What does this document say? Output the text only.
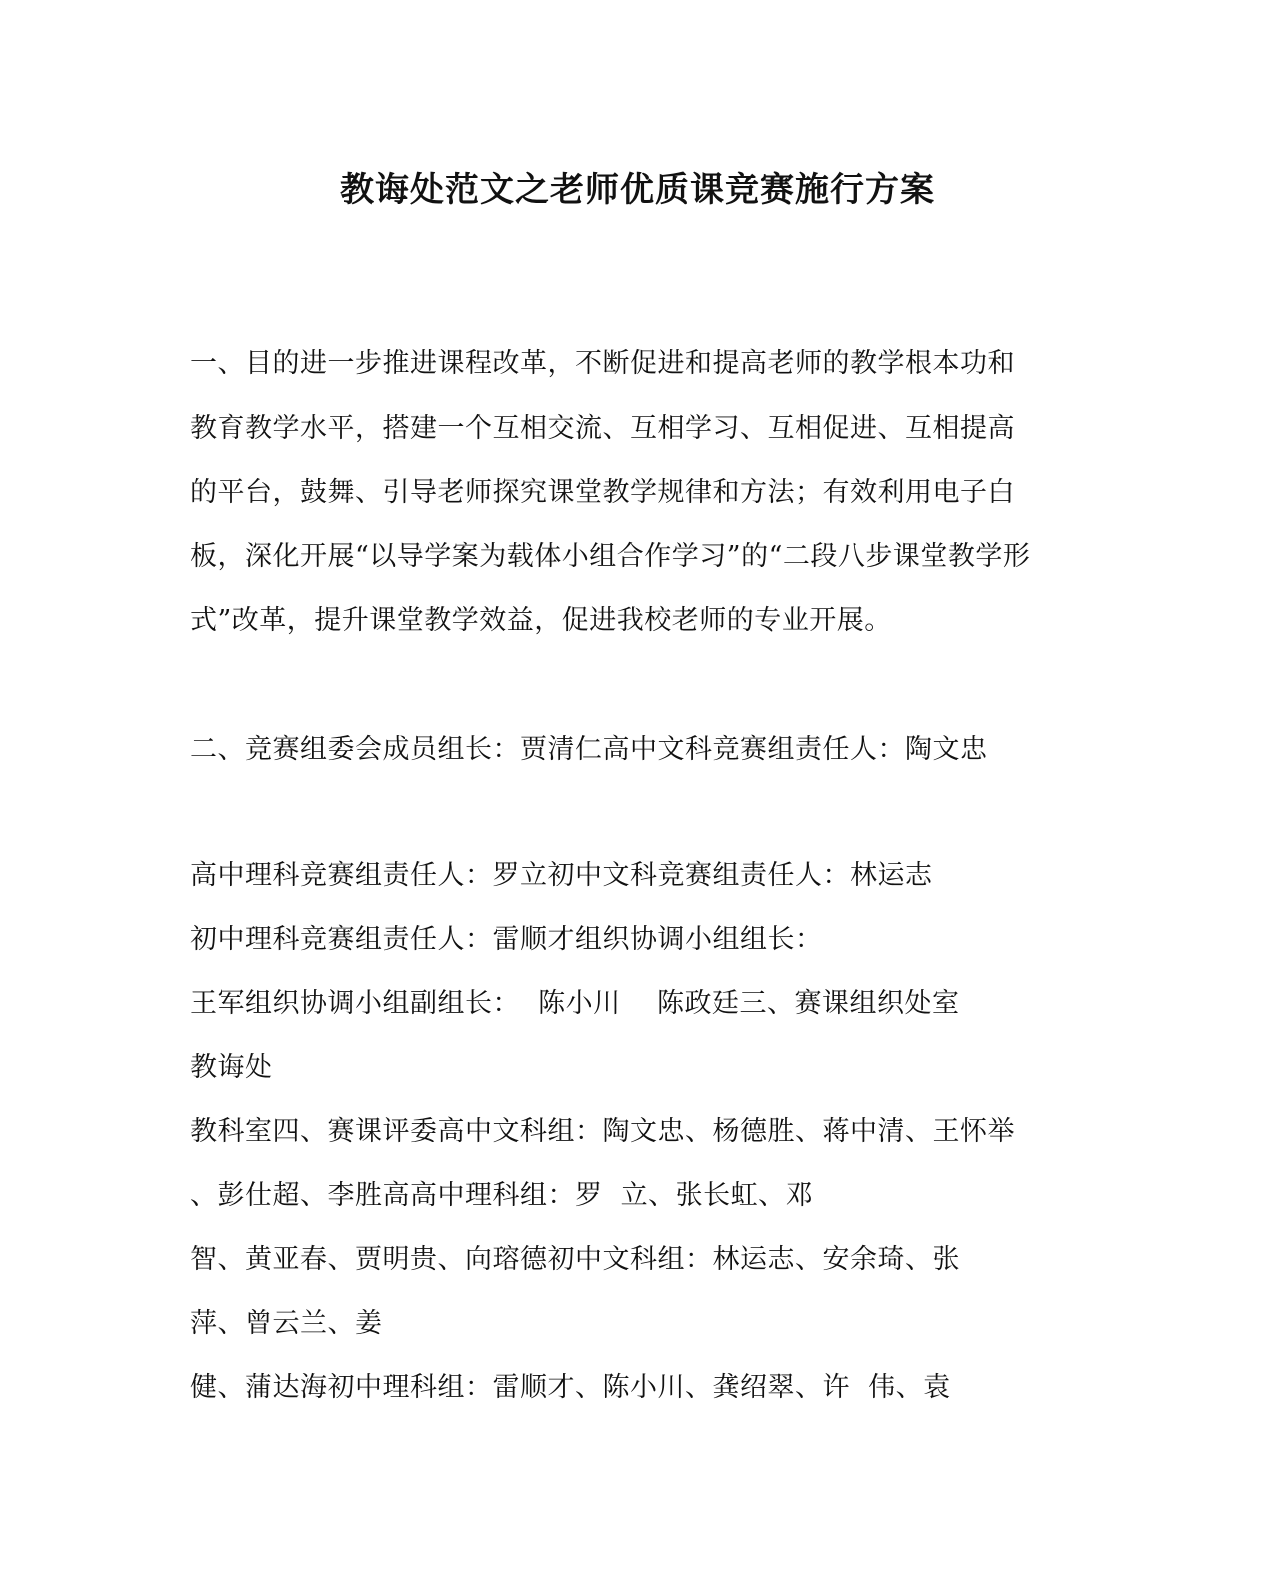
教诲处范文之老师优质课竞赛施行方案
一、目的进一步推进课程改革，不断促进和提高老师的教学根本功和
教育教学水平，搭建一个互相交流、互相学习、互相促进、互相提高
的平台，鼓舞、引导老师探究课堂教学规律和方法；有效利用电子白
板，深化开展“以导学案为载体小组合作学习”的“二段八步课堂教学形
式”改革，提升课堂教学效益，促进我校老师的专业开展。
二、竞赛组委会成员组长：贾清仁高中文科竞赛组责任人：陶文忠
高中理科竞赛组责任人：罗立初中文科竞赛组责任人：林运志
初中理科竞赛组责任人：雷顺才组织协调小组组长：
王军组织协调小组副组长：  陈小川    陈政廷三、赛课组织处室
教诲处
教科室四、赛课评委高中文科组：陶文忠、杨德胜、蒋中清、王怀举
、彭仕超、李胜高高中理科组：罗  立、张长虹、邓
智、黄亚春、贾明贵、向瑢德初中文科组：林运志、安余琦、张
萍、曾云兰、姜
健、蒲达海初中理科组：雷顺才、陈小川、龚绍翠、许  伟、袁
